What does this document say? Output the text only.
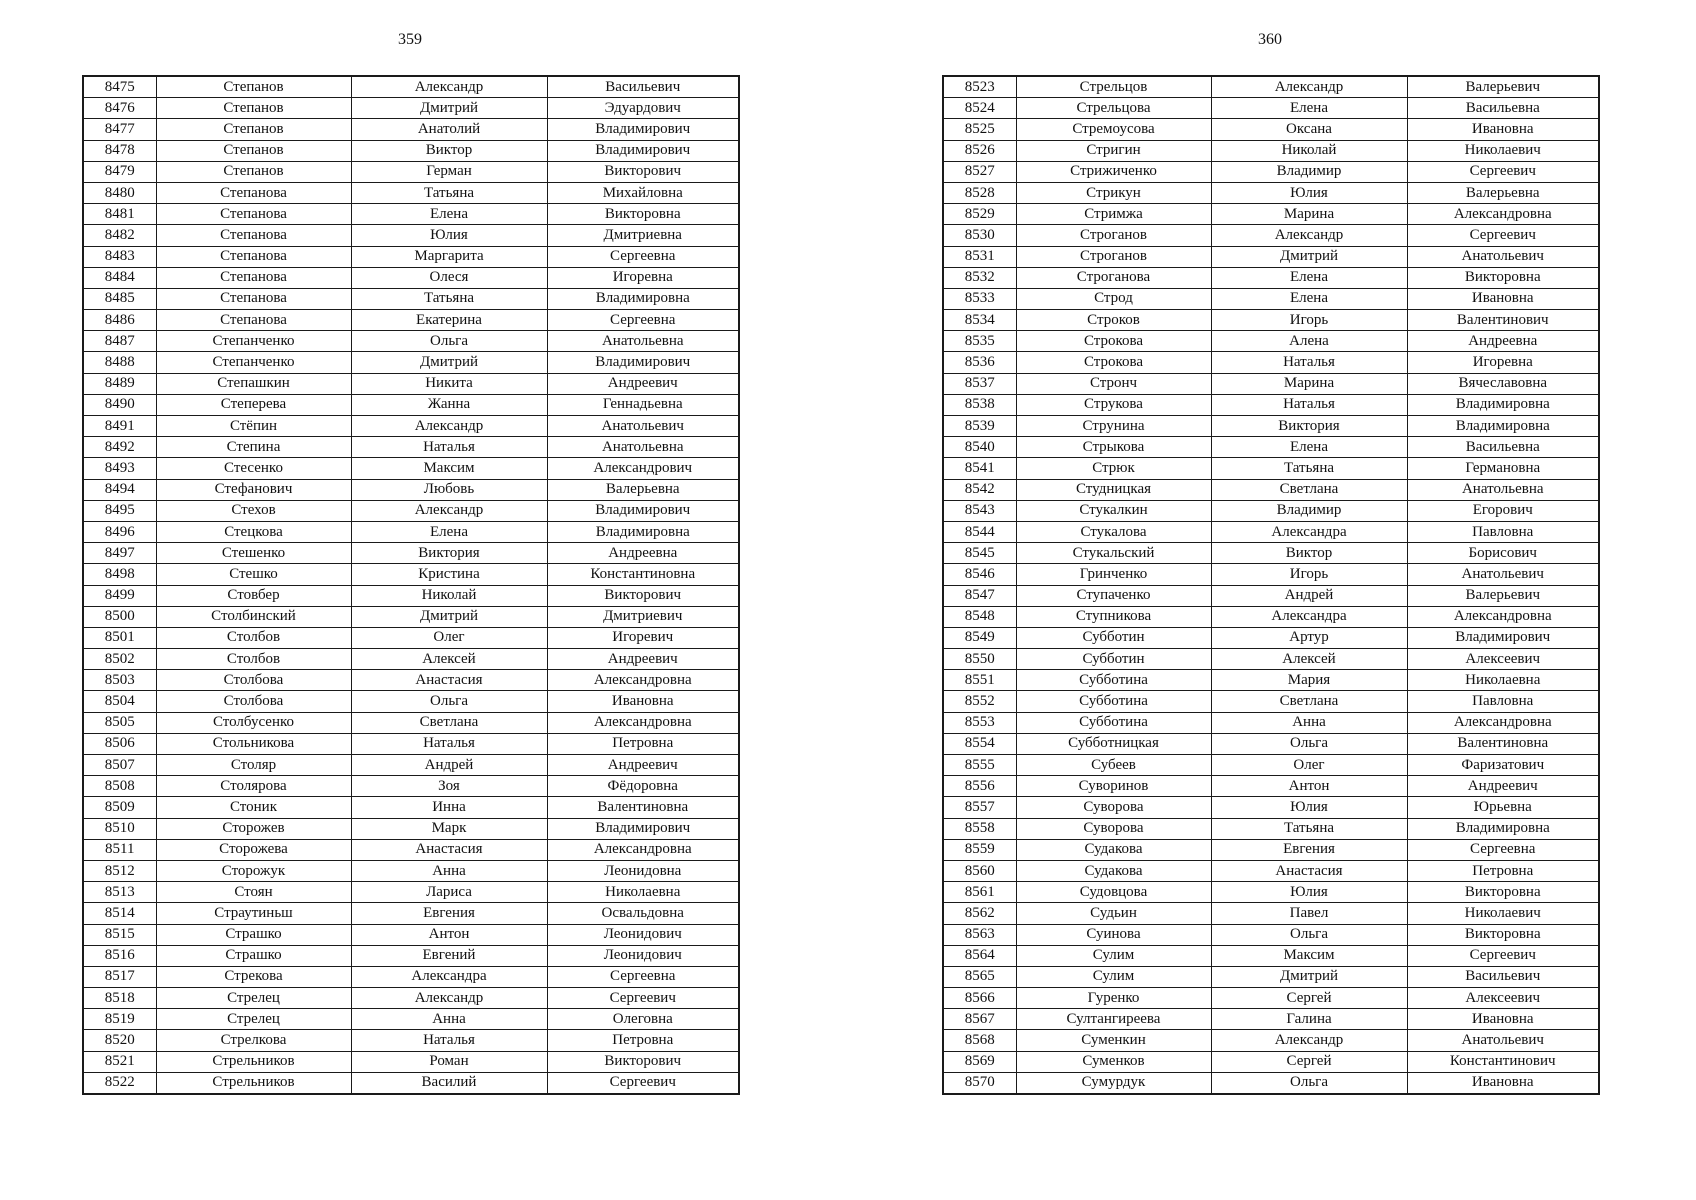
359
8475	Степанов	Александр	Васильевич
8476	Степанов	Дмитрий	Эдуардович
8477	Степанов	Анатолий	Владимирович
8478	Степанов	Виктор	Владимирович
8479	Степанов	Герман	Викторович
8480	Степанова	Татьяна	Михайловна
8481	Степанова	Елена	Викторовна
8482	Степанова	Юлия	Дмитриевна
8483	Степанова	Маргарита	Сергеевна
8484	Степанова	Олеся	Игоревна
8485	Степанова	Татьяна	Владимировна
8486	Степанова	Екатерина	Сергеевна
8487	Степанченко	Ольга	Анатольевна
8488	Степанченко	Дмитрий	Владимирович
8489	Степашкин	Никита	Андреевич
8490	Степерева	Жанна	Геннадьевна
8491	Стёпин	Александр	Анатольевич
8492	Степина	Наталья	Анатольевна
8493	Стесенко	Максим	Александрович
8494	Стефанович	Любовь	Валерьевна
8495	Стехов	Александр	Владимирович
8496	Стецкова	Елена	Владимировна
8497	Стешенко	Виктория	Андреевна
8498	Стешко	Кристина	Константиновна
8499	Стовбер	Николай	Викторович
8500	Столбинский	Дмитрий	Дмитриевич
8501	Столбов	Олег	Игоревич
8502	Столбов	Алексей	Андреевич
8503	Столбова	Анастасия	Александровна
8504	Столбова	Ольга	Ивановна
8505	Столбусенко	Светлана	Александровна
8506	Стольникова	Наталья	Петровна
8507	Столяр	Андрей	Андреевич
8508	Столярова	Зоя	Фёдоровна
8509	Стоник	Инна	Валентиновна
8510	Сторожев	Марк	Владимирович
8511	Сторожева	Анастасия	Александровна
8512	Сторожук	Анна	Леонидовна
8513	Стоян	Лариса	Николаевна
8514	Страутиньш	Евгения	Освальдовна
8515	Страшко	Антон	Леонидович
8516	Страшко	Евгений	Леонидович
8517	Стрекова	Александра	Сергеевна
8518	Стрелец	Александр	Сергеевич
8519	Стрелец	Анна	Олеговна
8520	Стрелкова	Наталья	Петровна
8521	Стрельников	Роман	Викторович
8522	Стрельников	Василий	Сергеевич
360
8523	Стрельцов	Александр	Валерьевич
8524	Стрельцова	Елена	Васильевна
8525	Стремоусова	Оксана	Ивановна
8526	Стригин	Николай	Николаевич
8527	Стрижиченко	Владимир	Сергеевич
8528	Стрикун	Юлия	Валерьевна
8529	Стримжа	Марина	Александровна
8530	Строганов	Александр	Сергеевич
8531	Строганов	Дмитрий	Анатольевич
8532	Строганова	Елена	Викторовна
8533	Строд	Елена	Ивановна
8534	Строков	Игорь	Валентинович
8535	Строкова	Алена	Андреевна
8536	Строкова	Наталья	Игоревна
8537	Стронч	Марина	Вячеславовна
8538	Струкова	Наталья	Владимировна
8539	Струнина	Виктория	Владимировна
8540	Стрыкова	Елена	Васильевна
8541	Стрюк	Татьяна	Германовна
8542	Студницкая	Светлана	Анатольевна
8543	Стукалкин	Владимир	Егорович
8544	Стукалова	Александра	Павловна
8545	Стукальский	Виктор	Борисович
8546	Гринченко	Игорь	Анатольевич
8547	Ступаченко	Андрей	Валерьевич
8548	Ступникова	Александра	Александровна
8549	Субботин	Артур	Владимирович
8550	Субботин	Алексей	Алексеевич
8551	Субботина	Мария	Николаевна
8552	Субботина	Светлана	Павловна
8553	Субботина	Анна	Александровна
8554	Субботницкая	Ольга	Валентиновна
8555	Субеев	Олег	Фаризатович
8556	Суворинов	Антон	Андреевич
8557	Суворова	Юлия	Юрьевна
8558	Суворова	Татьяна	Владимировна
8559	Судакова	Евгения	Сергеевна
8560	Судакова	Анастасия	Петровна
8561	Судовцова	Юлия	Викторовна
8562	Судьин	Павел	Николаевич
8563	Суинова	Ольга	Викторовна
8564	Сулим	Максим	Сергеевич
8565	Сулим	Дмитрий	Васильевич
8566	Гуренко	Сергей	Алексеевич
8567	Султангиреева	Галина	Ивановна
8568	Суменкин	Александр	Анатольевич
8569	Суменков	Сергей	Константинович
8570	Сумурдук	Ольга	Ивановна
